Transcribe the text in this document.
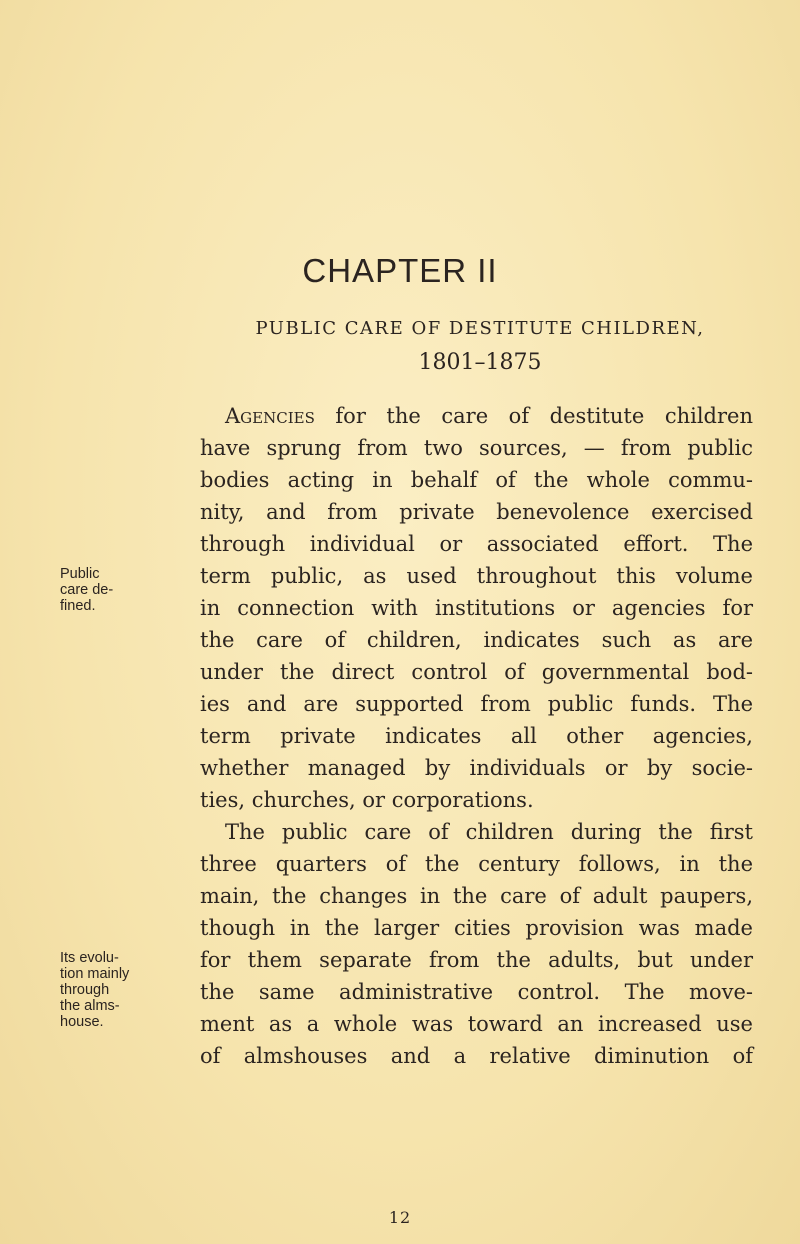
CHAPTER II
PUBLIC CARE OF DESTITUTE CHILDREN,
1801–1875
Agencies for the care of destitute children
have sprung from two sources, — from public
bodies acting in behalf of the whole commu-
nity, and from private benevolence exercised
through individual or associated effort. The
term public, as used throughout this volume
in connection with institutions or agencies for
the care of children, indicates such as are
under the direct control of governmental bod-
ies and are supported from public funds. The
term private indicates all other agencies,
whether managed by individuals or by socie-
ties, churches, or corporations.
The public care of children during the first
three quarters of the century follows, in the
main, the changes in the care of adult paupers,
though in the larger cities provision was made
for them separate from the adults, but under
the same administrative control. The move-
ment as a whole was toward an increased use
of almshouses and a relative diminution of
Public
care de-
fined.
Its evolu-
tion mainly
through
the alms-
house.
12
